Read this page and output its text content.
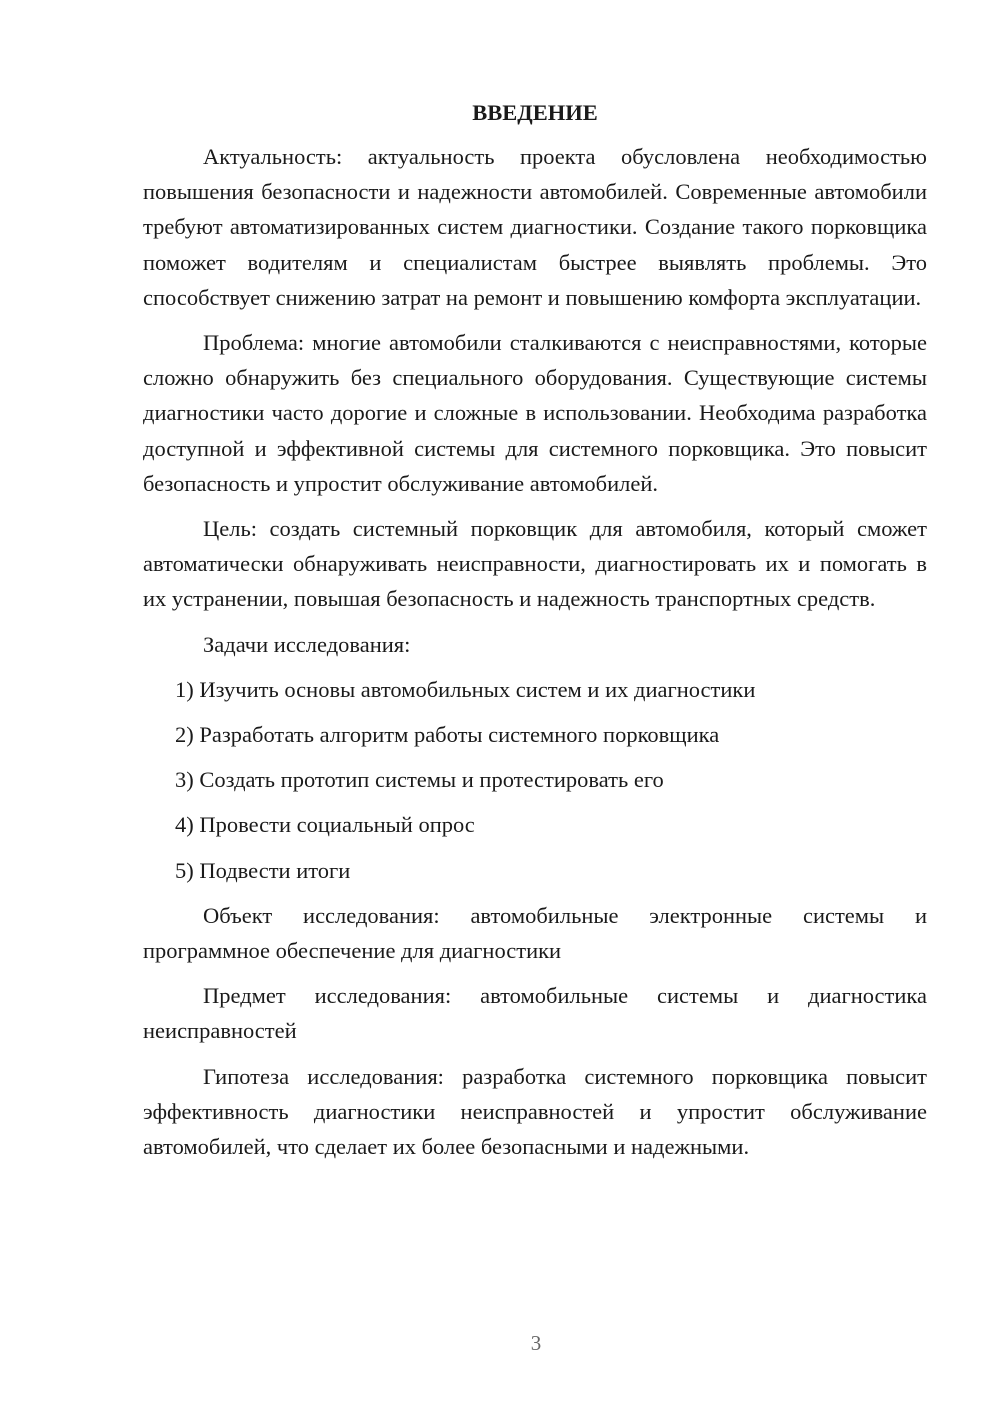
ВВЕДЕНИЕ

Актуальность: актуальность проекта обусловлена необходимостью повышения безопасности и надежности автомобилей. Современные автомобили требуют автоматизированных систем диагностики. Создание такого порковщика поможет водителям и специалистам быстрее выявлять проблемы. Это способствует снижению затрат на ремонт и повышению комфорта эксплуатации.

Проблема: многие автомобили сталкиваются с неисправностями, которые сложно обнаружить без специального оборудования. Существующие системы диагностики часто дорогие и сложные в использовании. Необходима разработка доступной и эффективной системы для системного порковщика. Это повысит безопасность и упростит обслуживание автомобилей.

Цель: создать системный порковщик для автомобиля, который сможет автоматически обнаруживать неисправности, диагностировать их и помогать в их устранении, повышая безопасность и надежность транспортных средств.

Задачи исследования:

1) Изучить основы автомобильных систем и их диагностики
2) Разработать алгоритм работы системного порковщика
3) Создать прототип системы и протестировать его
4) Провести социальный опрос
5) Подвести итоги

Объект исследования: автомобильные электронные системы и программное обеспечение для диагностики

Предмет исследования: автомобильные системы и диагностика неисправностей

Гипотеза исследования: разработка системного порковщика повысит эффективность диагностики неисправностей и упростит обслуживание автомобилей, что сделает их более безопасными и надежными.

3
